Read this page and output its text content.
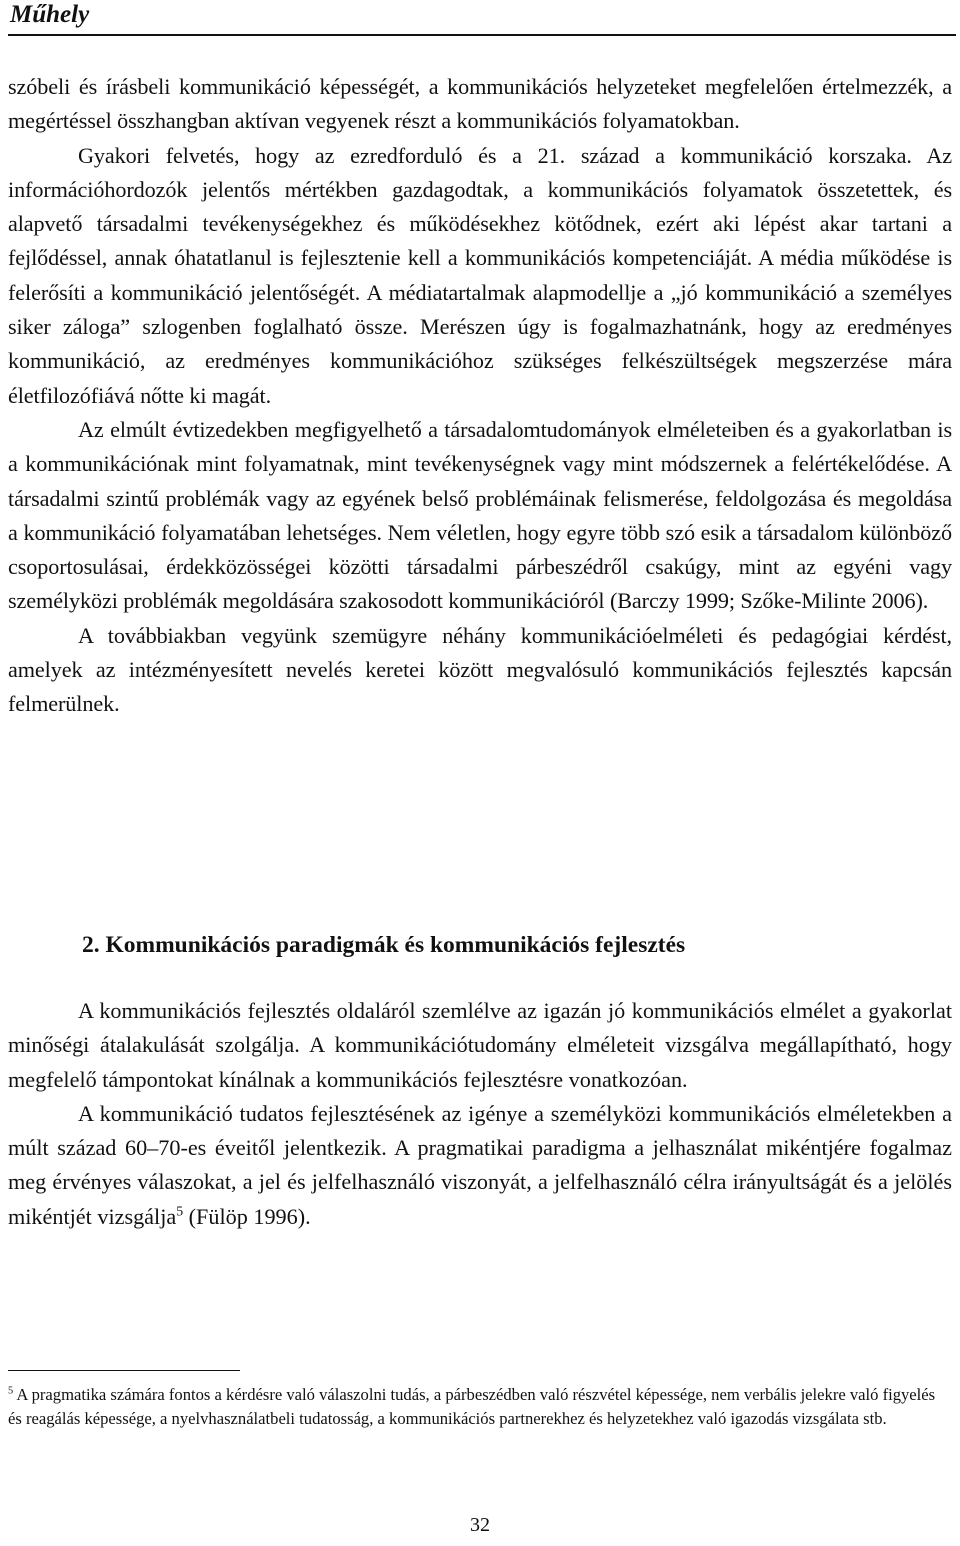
Műhely

szóbeli és írásbeli kommunikáció képességét, a kommunikációs helyzeteket megfelelően értelmezzék, a megértéssel összhangban aktívan vegyenek részt a kommunikációs folyamatokban.

Gyakori felvetés, hogy az ezredforduló és a 21. század a kommunikáció korszaka. Az információhordozók jelentős mértékben gazdagodtak, a kommunikációs folyamatok összetettek, és alapvető társadalmi tevékenységekhez és működésekhez kötődnek, ezért aki lépést akar tartani a fejlődéssel, annak óhatatlanul is fejlesztenie kell a kommunikációs kompetenciáját. A média működése is felerősíti a kommunikáció jelentőségét. A médiatartalmak alapmodellje a „jó kommunikáció a személyes siker záloga” szlogenben foglalható össze. Merészen úgy is fogalmazhatnánk, hogy az eredményes kommunikáció, az eredményes kommunikációhoz szükséges felkészültségek megszerzése mára életfilozófiává nőtte ki magát.

Az elmúlt évtizedekben megfigyelhető a társadalomtudományok elméleteiben és a gyakorlatban is a kommunikációnak mint folyamatnak, mint tevékenységnek vagy mint módszernek a felértékelődése. A társadalmi szintű problémák vagy az egyének belső problémáinak felismerése, feldolgozása és megoldása a kommunikáció folyamatában lehetséges. Nem véletlen, hogy egyre több szó esik a társadalom különböző csoportosulásai, érdekközösségei közötti társadalmi párbeszédről csakúgy, mint az egyéni vagy személyközi problémák megoldására szakosodott kommunikációról (Barczy 1999; Szőke-Milinte 2006).

A továbbiakban vegyünk szemügyre néhány kommunikációelméleti és pedagógiai kérdést, amelyek az intézményesített nevelés keretei között megvalósuló kommunikációs fejlesztés kapcsán felmerülnek.

2. Kommunikációs paradigmák és kommunikációs fejlesztés

A kommunikációs fejlesztés oldaláról szemlélve az igazán jó kommunikációs elmélet a gyakorlat minőségi átalakulását szolgálja. A kommunikációtudomány elméleteit vizsgálva megállapítható, hogy megfelelő támpontokat kínálnak a kommunikációs fejlesztésre vonatkozóan.

A kommunikáció tudatos fejlesztésének az igénye a személyközi kommunikációs elméletekben a múlt század 60–70-es éveitől jelentkezik. A pragmatikai paradigma a jelhasználat mikéntjére fogalmaz meg érvényes válaszokat, a jel és jelfelhasználó viszonyát, a jelfelhasználó célra irányultságát és a jelölés mikéntjét vizsgálja$^5$ (Fülöp 1996).

$^5$ A pragmatika számára fontos a kérdésre való válaszolni tudás, a párbeszédben való részvétel képessége, nem verbális jelekre való figyelés és reagálás képessége, a nyelvhasználatbeli tudatosság, a kommunikációs partnerekhez és helyzetekhez való igazodás vizsgálata stb.
32
